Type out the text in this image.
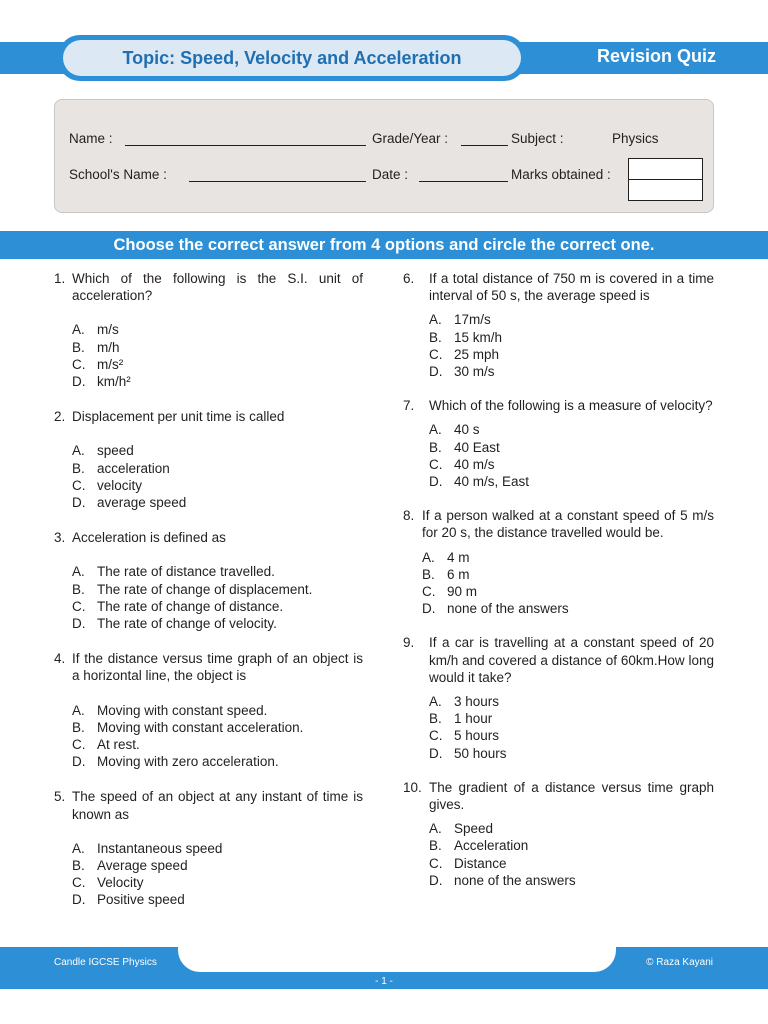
Topic: Speed, Velocity and Acceleration	Revision Quiz
Name :	Grade/Year :	Subject :	Physics
School's Name :	Date :	Marks obtained :
Choose the correct answer from 4 options and circle the correct one.
1. Which of the following is the S.I. unit of acceleration?
A. m/s
B. m/h
C. m/s²
D. km/h²
2. Displacement per unit time is called
A. speed
B. acceleration
C. velocity
D. average speed
3. Acceleration is defined as
A. The rate of distance travelled.
B. The rate of change of displacement.
C. The rate of change of distance.
D. The rate of change of velocity.
4. If the distance versus time graph of an object is a horizontal line, the object is
A. Moving with constant speed.
B. Moving with constant acceleration.
C. At rest.
D. Moving with zero acceleration.
5. The speed of an object at any instant of time is known as
A. Instantaneous speed
B. Average speed
C. Velocity
D. Positive speed
6.	If a total distance of 750 m is covered in a time interval of 50 s, the average speed is
A. 17m/s
B. 15 km/h
C. 25 mph
D. 30 m/s
7.	Which of the following is a measure of velocity?
A. 40 s
B. 40 East
C. 40 m/s
D. 40 m/s, East
8. If a person walked at a constant speed of 5 m/s for 20 s, the distance travelled would be.
A. 4 m
B. 6 m
C. 90 m
D. none of the answers
9.	If a car is travelling at a constant speed of 20 km/h and covered a distance of 60km.How long would it take?
A. 3 hours
B. 1 hour
C. 5 hours
D. 50 hours
10. The gradient of a distance versus time graph gives.
A. Speed
B. Acceleration
C. Distance
D. none of the answers
Candle IGCSE Physics	© Raza Kayani
- 1 -
